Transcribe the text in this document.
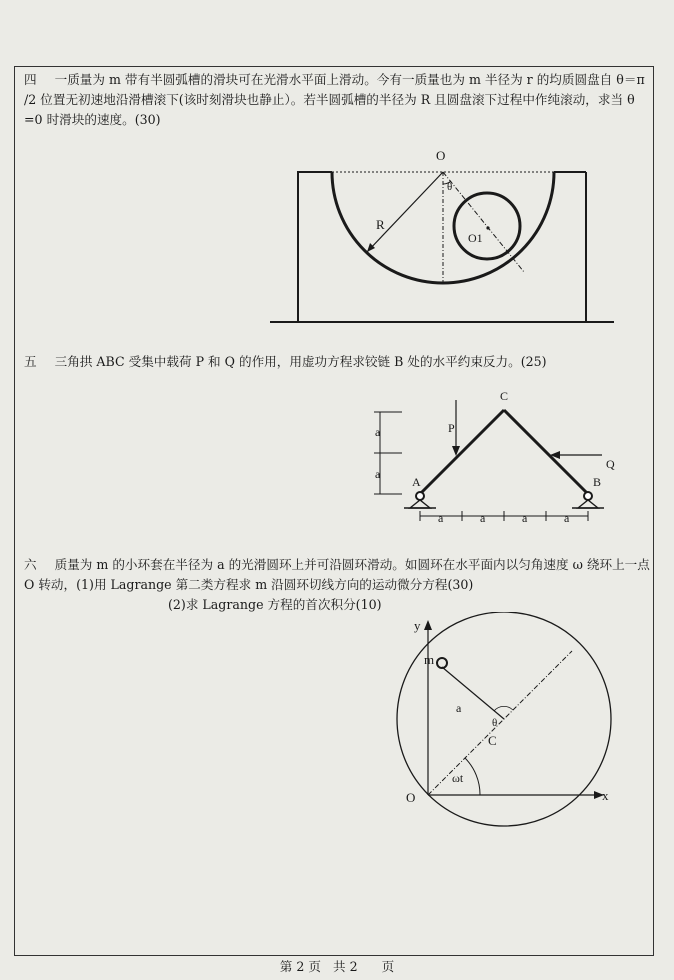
四 一质量为 m 带有半圆弧槽的滑块可在光滑水平面上滑动。今有一质量也为 m 半径为 r 的均质圆盘自 θ＝π /2 位置无初速地沿滑槽滚下(该时刻滑块也静止）。若半圆弧槽的半径为 R 且圆盘滚下过程中作纯滚动，求当 θ =0 时滑块的速度。(30)

O
θ
R
O1

五 三角拱 ABC 受集中载荷 P 和 Q 的作用，用虚功方程求铰链 B 处的水平约束反力。(25)

a
a
P
Q
C
A	B
a	a	a	a

六 质量为 m 的小环套在半径为 a 的光滑圆环上并可沿圆环滑动。如圆环在水平面内以匀角速度 ω 绕环上一点 O 转动，(1)用 Lagrange 第二类方程求 m 沿圆环切线方向的运动微分方程(30)

(2)求 Lagrange 方程的首次积分(10)

y
x
O
m
a
θ
C
ωt
第 2 页 共 2 页
